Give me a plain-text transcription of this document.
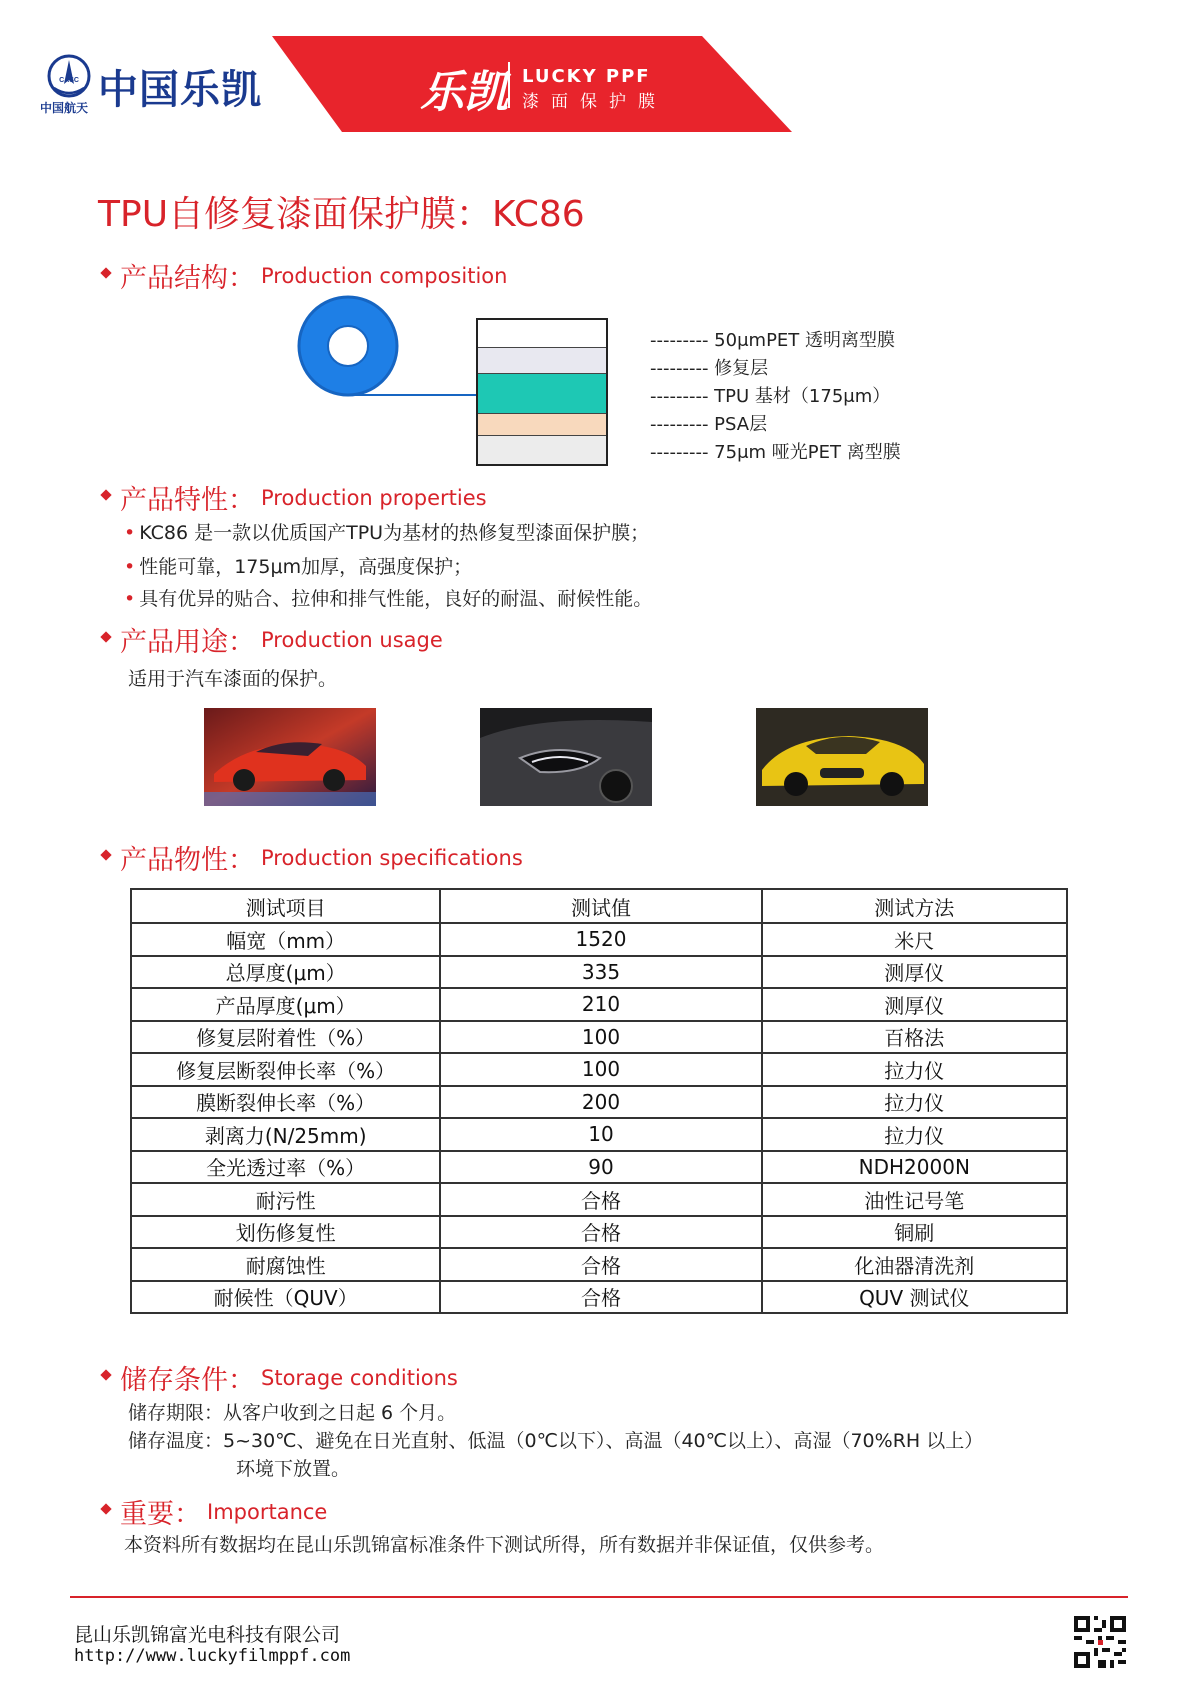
CASC
中国航天 中国乐凯	乐凯 LUCKY PPF
漆面保护膜
TPU自修复漆面保护膜：KC86
产品结构： Production composition
--------- 50μmPET 透明离型膜
--------- 修复层
--------- TPU 基材（175μm）
--------- PSA层
--------- 75μm 哑光PET 离型膜
产品特性： Production properties
• KC86 是一款以优质国产TPU为基材的热修复型漆面保护膜；
• 性能可靠，175μm加厚，高强度保护；
• 具有优异的贴合、拉伸和排气性能，良好的耐温、耐候性能。
产品用途： Production usage
适用于汽车漆面的保护。
产品物性： Production specifications
测试项目	测试值	测试方法
幅宽（mm）	1520	米尺
总厚度(μm）	335	测厚仪
产品厚度(μm）	210	测厚仪
修复层附着性（%）	100	百格法
修复层断裂伸长率（%）	100	拉力仪
膜断裂伸长率（%）	200	拉力仪
剥离力(N/25mm)	10	拉力仪
全光透过率（%）	90	NDH2000N
耐污性	合格	油性记号笔
划伤修复性	合格	铜刷
耐腐蚀性	合格	化油器清洗剂
耐候性（QUV）	合格	QUV 测试仪
储存条件： Storage conditions
储存期限：从客户收到之日起 6 个月。
储存温度：5~30℃、避免在日光直射、低温（0℃以下）、高温（40℃以上）、高湿（70%RH 以上）
环境下放置。
重要： Importance
本资料所有数据均在昆山乐凯锦富标准条件下测试所得，所有数据并非保证值，仅供参考。
昆山乐凯锦富光电科技有限公司
http://www.luckyfilmppf.com
